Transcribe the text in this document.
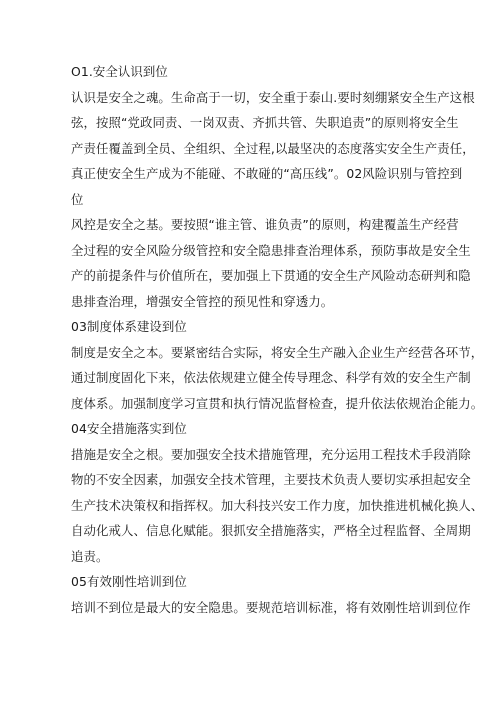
O1.安全认识到位
认识是安全之魂。生命高于一切，安全重于泰山.要时刻绷紧安全生产这根
弦，按照“党政同责、一岗双责、齐抓共管、失职追责”的原则将安全生
产责任覆盖到全员、全组织、全过程,以最坚决的态度落实安全生产责任，
真正使安全生产成为不能碰、不敢碰的“高压线”。02风险识别与管控到
位
风控是安全之基。要按照“谁主管、谁负责”的原则，构建覆盖生产经营
全过程的安全风险分级管控和安全隐患排查治理体系，预防事故是安全生
产的前提条件与价值所在，要加强上下贯通的安全生产风险动态研判和隐
患排查治理，增强安全管控的预见性和穿透力。
03制度体系建设到位
制度是安全之本。要紧密结合实际，将安全生产融入企业生产经营各环节，
通过制度固化下来，依法依规建立健全传导理念、科学有效的安全生产制
度体系。加强制度学习宣贯和执行情况监督检查，提升依法依规治企能力。
04安全措施落实到位
措施是安全之根。要加强安全技术措施管理，充分运用工程技术手段消除
物的不安全因素，加强安全技术管理，主要技术负责人要切实承担起安全
生产技术决策权和指挥权。加大科技兴安工作力度，加快推进机械化换人、
自动化戒人、信息化赋能。狠抓安全措施落实，严格全过程监督、全周期
追责。
05有效刚性培训到位
培训不到位是最大的安全隐患。要规范培训标准，将有效刚性培训到位作
